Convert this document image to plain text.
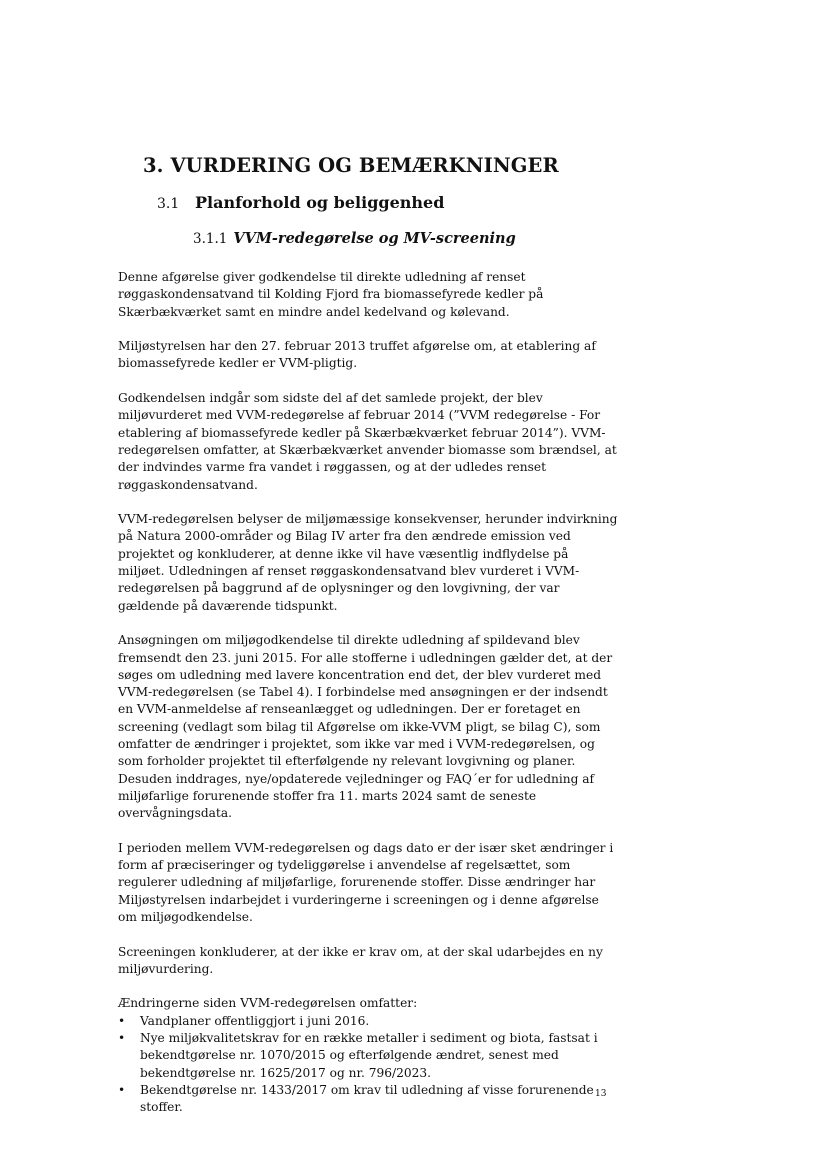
3. VURDERING OG BEMÆRKNINGER
3.1 Planforhold og beliggenhed
3.1.1 VVM-redegørelse og MV-screening

Denne afgørelse giver godkendelse til direkte udledning af renset røggaskondensatvand til Kolding Fjord fra biomassefyrede kedler på Skærbækværket samt en mindre andel kedelvand og kølevand.

Miljøstyrelsen har den 27. februar 2013 truffet afgørelse om, at etablering af biomassefyrede kedler er VVM-pligtig.

Godkendelsen indgår som sidste del af det samlede projekt, der blev miljøvurderet med VVM-redegørelse af februar 2014 (”VVM redegørelse - For etablering af biomassefyrede kedler på Skærbækværket februar 2014”). VVM-redegørelsen omfatter, at Skærbækværket anvender biomasse som brændsel, at der indvindes varme fra vandet i røggassen, og at der udledes renset røggaskondensatvand.

VVM-redegørelsen belyser de miljømæssige konsekvenser, herunder indvirkning på Natura 2000-områder og Bilag IV arter fra den ændrede emission ved projektet og konkluderer, at denne ikke vil have væsentlig indflydelse på miljøet. Udledningen af renset røggaskondensatvand blev vurderet i VVM-redegørelsen på baggrund af de oplysninger og den lovgivning, der var gældende på daværende tidspunkt.

Ansøgningen om miljøgodkendelse til direkte udledning af spildevand blev fremsendt den 23. juni 2015. For alle stofferne i udledningen gælder det, at der søges om udledning med lavere koncentration end det, der blev vurderet med VVM-redegørelsen (se Tabel 4). I forbindelse med ansøgningen er der indsendt en VVM-anmeldelse af renseanlægget og udledningen. Der er foretaget en screening (vedlagt som bilag til Afgørelse om ikke-VVM pligt, se bilag C), som omfatter de ændringer i projektet, som ikke var med i VVM-redegørelsen, og som forholder projektet til efterfølgende ny relevant lovgivning og planer. Desuden inddrages, nye/opdaterede vejledninger og FAQ´er for udledning af miljøfarlige forurenende stoffer fra 11. marts 2024 samt de seneste overvågningsdata.

I perioden mellem VVM-redegørelsen og dags dato er der især sket ændringer i form af præciseringer og tydeliggørelse i anvendelse af regelsættet, som regulerer udledning af miljøfarlige, forurenende stoffer. Disse ændringer har Miljøstyrelsen indarbejdet i vurderingerne i screeningen og i denne afgørelse om miljøgodkendelse.

Screeningen konkluderer, at der ikke er krav om, at der skal udarbejdes en ny miljøvurdering.

Ændringerne siden VVM-redegørelsen omfatter:
• Vandplaner offentliggjort i juni 2016.
• Nye miljøkvalitetskrav for en række metaller i sediment og biota, fastsat i bekendtgørelse nr. 1070/2015 og efterfølgende ændret, senest med bekendtgørelse nr. 1625/2017 og nr. 796/2023.
• Bekendtgørelse nr. 1433/2017 om krav til udledning af visse forurenende stoffer.
13
